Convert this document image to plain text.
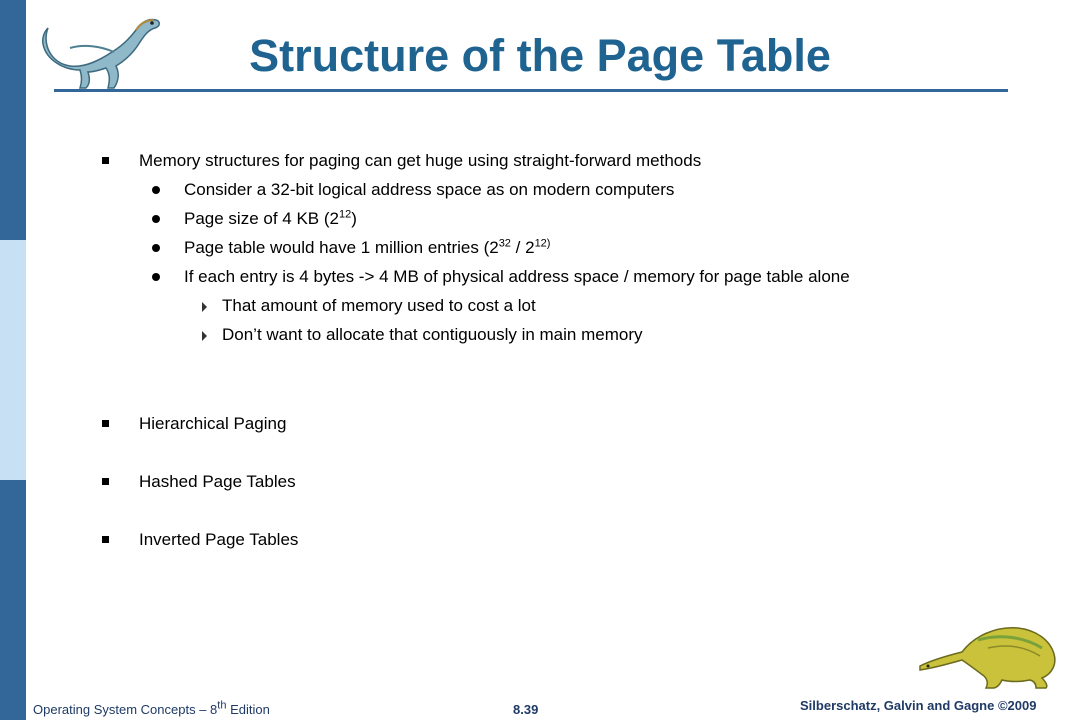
Structure of the Page Table
Memory structures for paging can get huge using straight-forward methods
Consider a 32-bit logical address space as on modern computers
Page size of 4 KB $(2^{12})$
Page table would have 1 million entries ($2^{32} / 2^{12)}$
If each entry is 4 bytes -> 4 MB of physical address space / memory for page table alone
That amount of memory used to cost a lot
Don’t want to allocate that contiguously in main memory
Hierarchical Paging
Hashed Page Tables
Inverted Page Tables
Operating System Concepts – 8th Edition	8.39	Silberschatz, Galvin and Gagne ©2009
